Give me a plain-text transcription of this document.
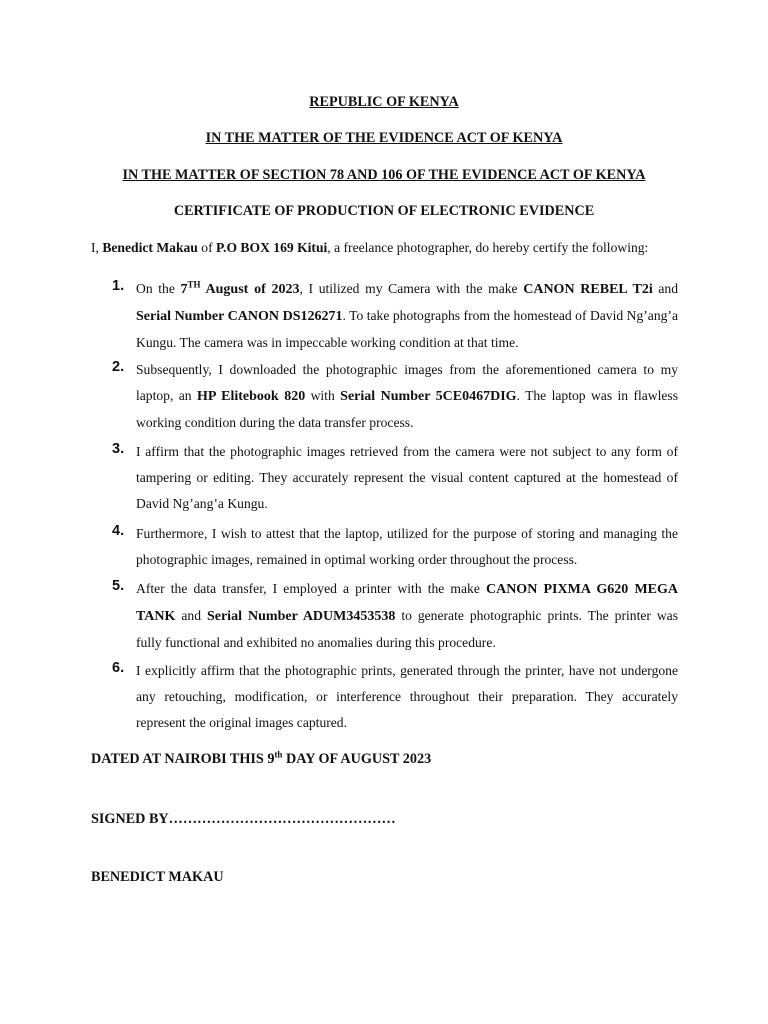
REPUBLIC OF KENYA

IN THE MATTER OF THE EVIDENCE ACT OF KENYA

IN THE MATTER OF SECTION 78 AND 106 OF THE EVIDENCE ACT OF KENYA

CERTIFICATE OF PRODUCTION OF ELECTRONIC EVIDENCE

I, Benedict Makau of P.O BOX 169 Kitui, a freelance photographer, do hereby certify the following:

1. On the 7TH August of 2023, I utilized my Camera with the make CANON REBEL T2i and Serial Number CANON DS126271. To take photographs from the homestead of David Ng’ang’a Kungu. The camera was in impeccable working condition at that time.
2. Subsequently, I downloaded the photographic images from the aforementioned camera to my laptop, an HP Elitebook 820 with Serial Number 5CE0467DIG. The laptop was in flawless working condition during the data transfer process.
3. I affirm that the photographic images retrieved from the camera were not subject to any form of tampering or editing. They accurately represent the visual content captured at the homestead of David Ng’ang’a Kungu.
4. Furthermore, I wish to attest that the laptop, utilized for the purpose of storing and managing the photographic images, remained in optimal working order throughout the process.
5. After the data transfer, I employed a printer with the make CANON PIXMA G620 MEGA TANK and Serial Number ADUM3453538 to generate photographic prints. The printer was fully functional and exhibited no anomalies during this procedure.
6. I explicitly affirm that the photographic prints, generated through the printer, have not undergone any retouching, modification, or interference throughout their preparation. They accurately represent the original images captured.

DATED AT NAIROBI THIS 9th DAY OF AUGUST 2023

SIGNED BY…………………………………………

BENEDICT MAKAU
